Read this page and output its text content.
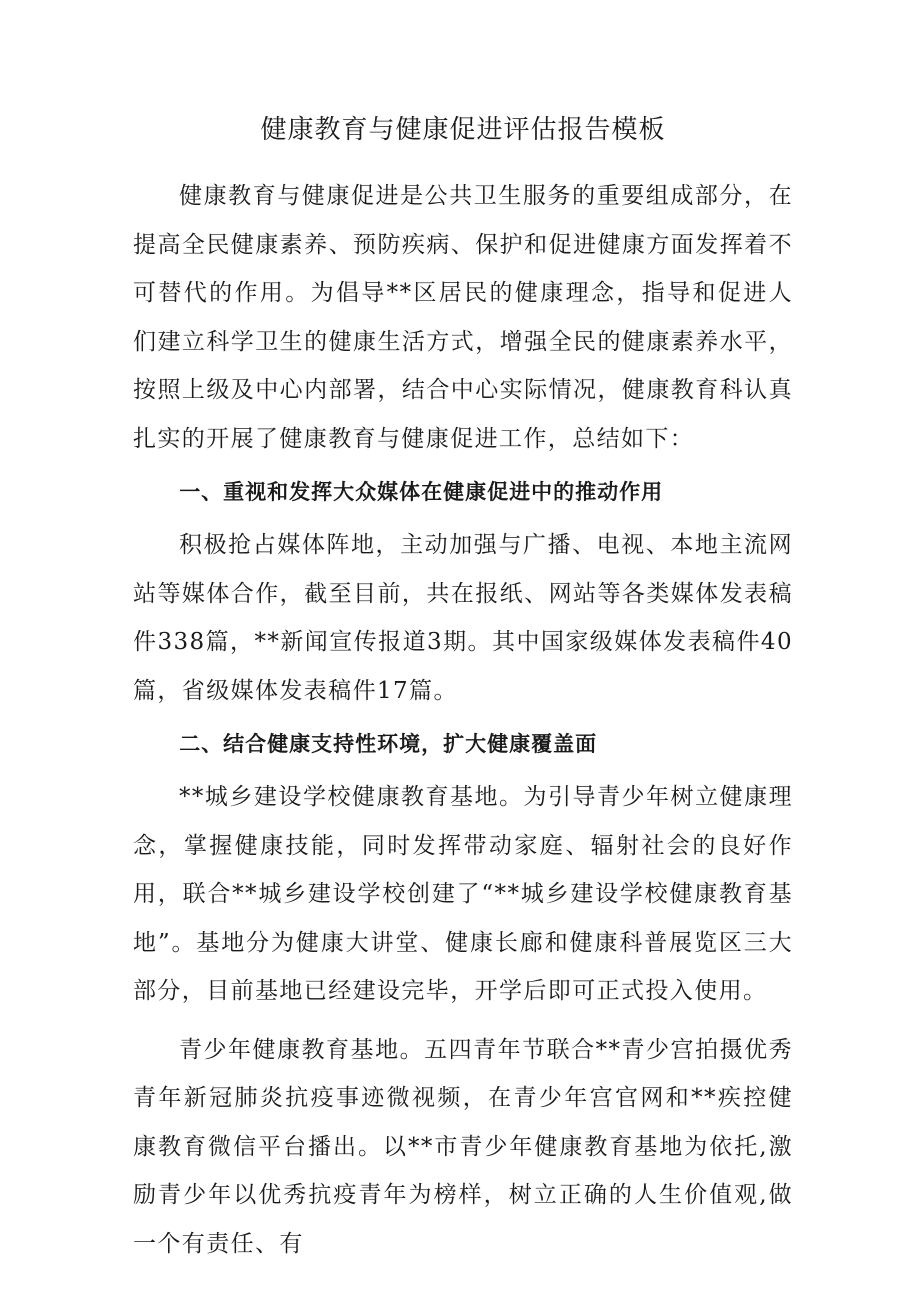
健康教育与健康促进评估报告模板

健康教育与健康促进是公共卫生服务的重要组成部分，在提高全民健康素养、预防疾病、保护和促进健康方面发挥着不可替代的作用。为倡导**区居民的健康理念，指导和促进人们建立科学卫生的健康生活方式，增强全民的健康素养水平，按照上级及中心内部署，结合中心实际情况，健康教育科认真扎实的开展了健康教育与健康促进工作，总结如下：

一、重视和发挥大众媒体在健康促进中的推动作用

积极抢占媒体阵地，主动加强与广播、电视、本地主流网站等媒体合作，截至目前，共在报纸、网站等各类媒体发表稿件338篇，**新闻宣传报道3期。其中国家级媒体发表稿件40篇，省级媒体发表稿件17篇。

二、结合健康支持性环境，扩大健康覆盖面

**城乡建设学校健康教育基地。为引导青少年树立健康理念，掌握健康技能，同时发挥带动家庭、辐射社会的良好作用，联合**城乡建设学校创建了“**城乡建设学校健康教育基地”。基地分为健康大讲堂、健康长廊和健康科普展览区三大部分，目前基地已经建设完毕，开学后即可正式投入使用。

青少年健康教育基地。五四青年节联合**青少宫拍摄优秀青年新冠肺炎抗疫事迹微视频，在青少年宫官网和**疾控健康教育微信平台播出。以**市青少年健康教育基地为依托,激励青少年以优秀抗疫青年为榜样，树立正确的人生价值观,做一个有责任、有
